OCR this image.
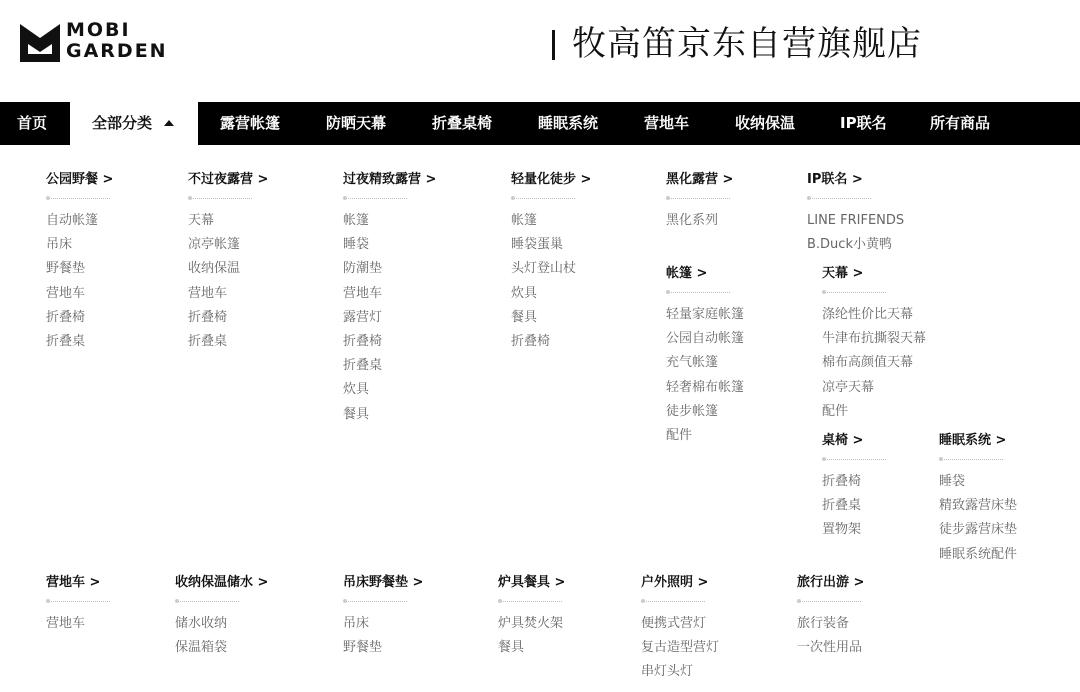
MOBI
GARDEN	牧高笛京东自营旗舰店
首页	全部分类	露营帐篷	防晒天幕	折叠桌椅	睡眠系统	营地车	收纳保温	IP联名	所有商品
公园野餐 >
自动帐篷
吊床
野餐垫
营地车
折叠椅
折叠桌
不过夜露营 >
天幕
凉亭帐篷
收纳保温
营地车
折叠椅
折叠桌
过夜精致露营 >
帐篷
睡袋
防潮垫
营地车
露营灯
折叠椅
折叠桌
炊具
餐具
轻量化徒步 >
帐篷
睡袋蛋巢
头灯登山杖
炊具
餐具
折叠椅
黑化露营 >
黑化系列
IP联名 >
LINE FRIFENDS
B.Duck小黄鸭
帐篷 >
轻量家庭帐篷
公园自动帐篷
充气帐篷
轻奢棉布帐篷
徒步帐篷
配件
天幕 >
涤纶性价比天幕
牛津布抗撕裂天幕
棉布高颜值天幕
凉亭天幕
配件
桌椅 >
折叠椅
折叠桌
置物架
睡眠系统 >
睡袋
精致露营床垫
徒步露营床垫
睡眠系统配件
营地车 >
营地车
收纳保温储水 >
储水收纳
保温箱袋
吊床野餐垫 >
吊床
野餐垫
炉具餐具 >
炉具焚火架
餐具
户外照明 >
便携式营灯
复古造型营灯
串灯头灯
旅行出游 >
旅行装备
一次性用品
